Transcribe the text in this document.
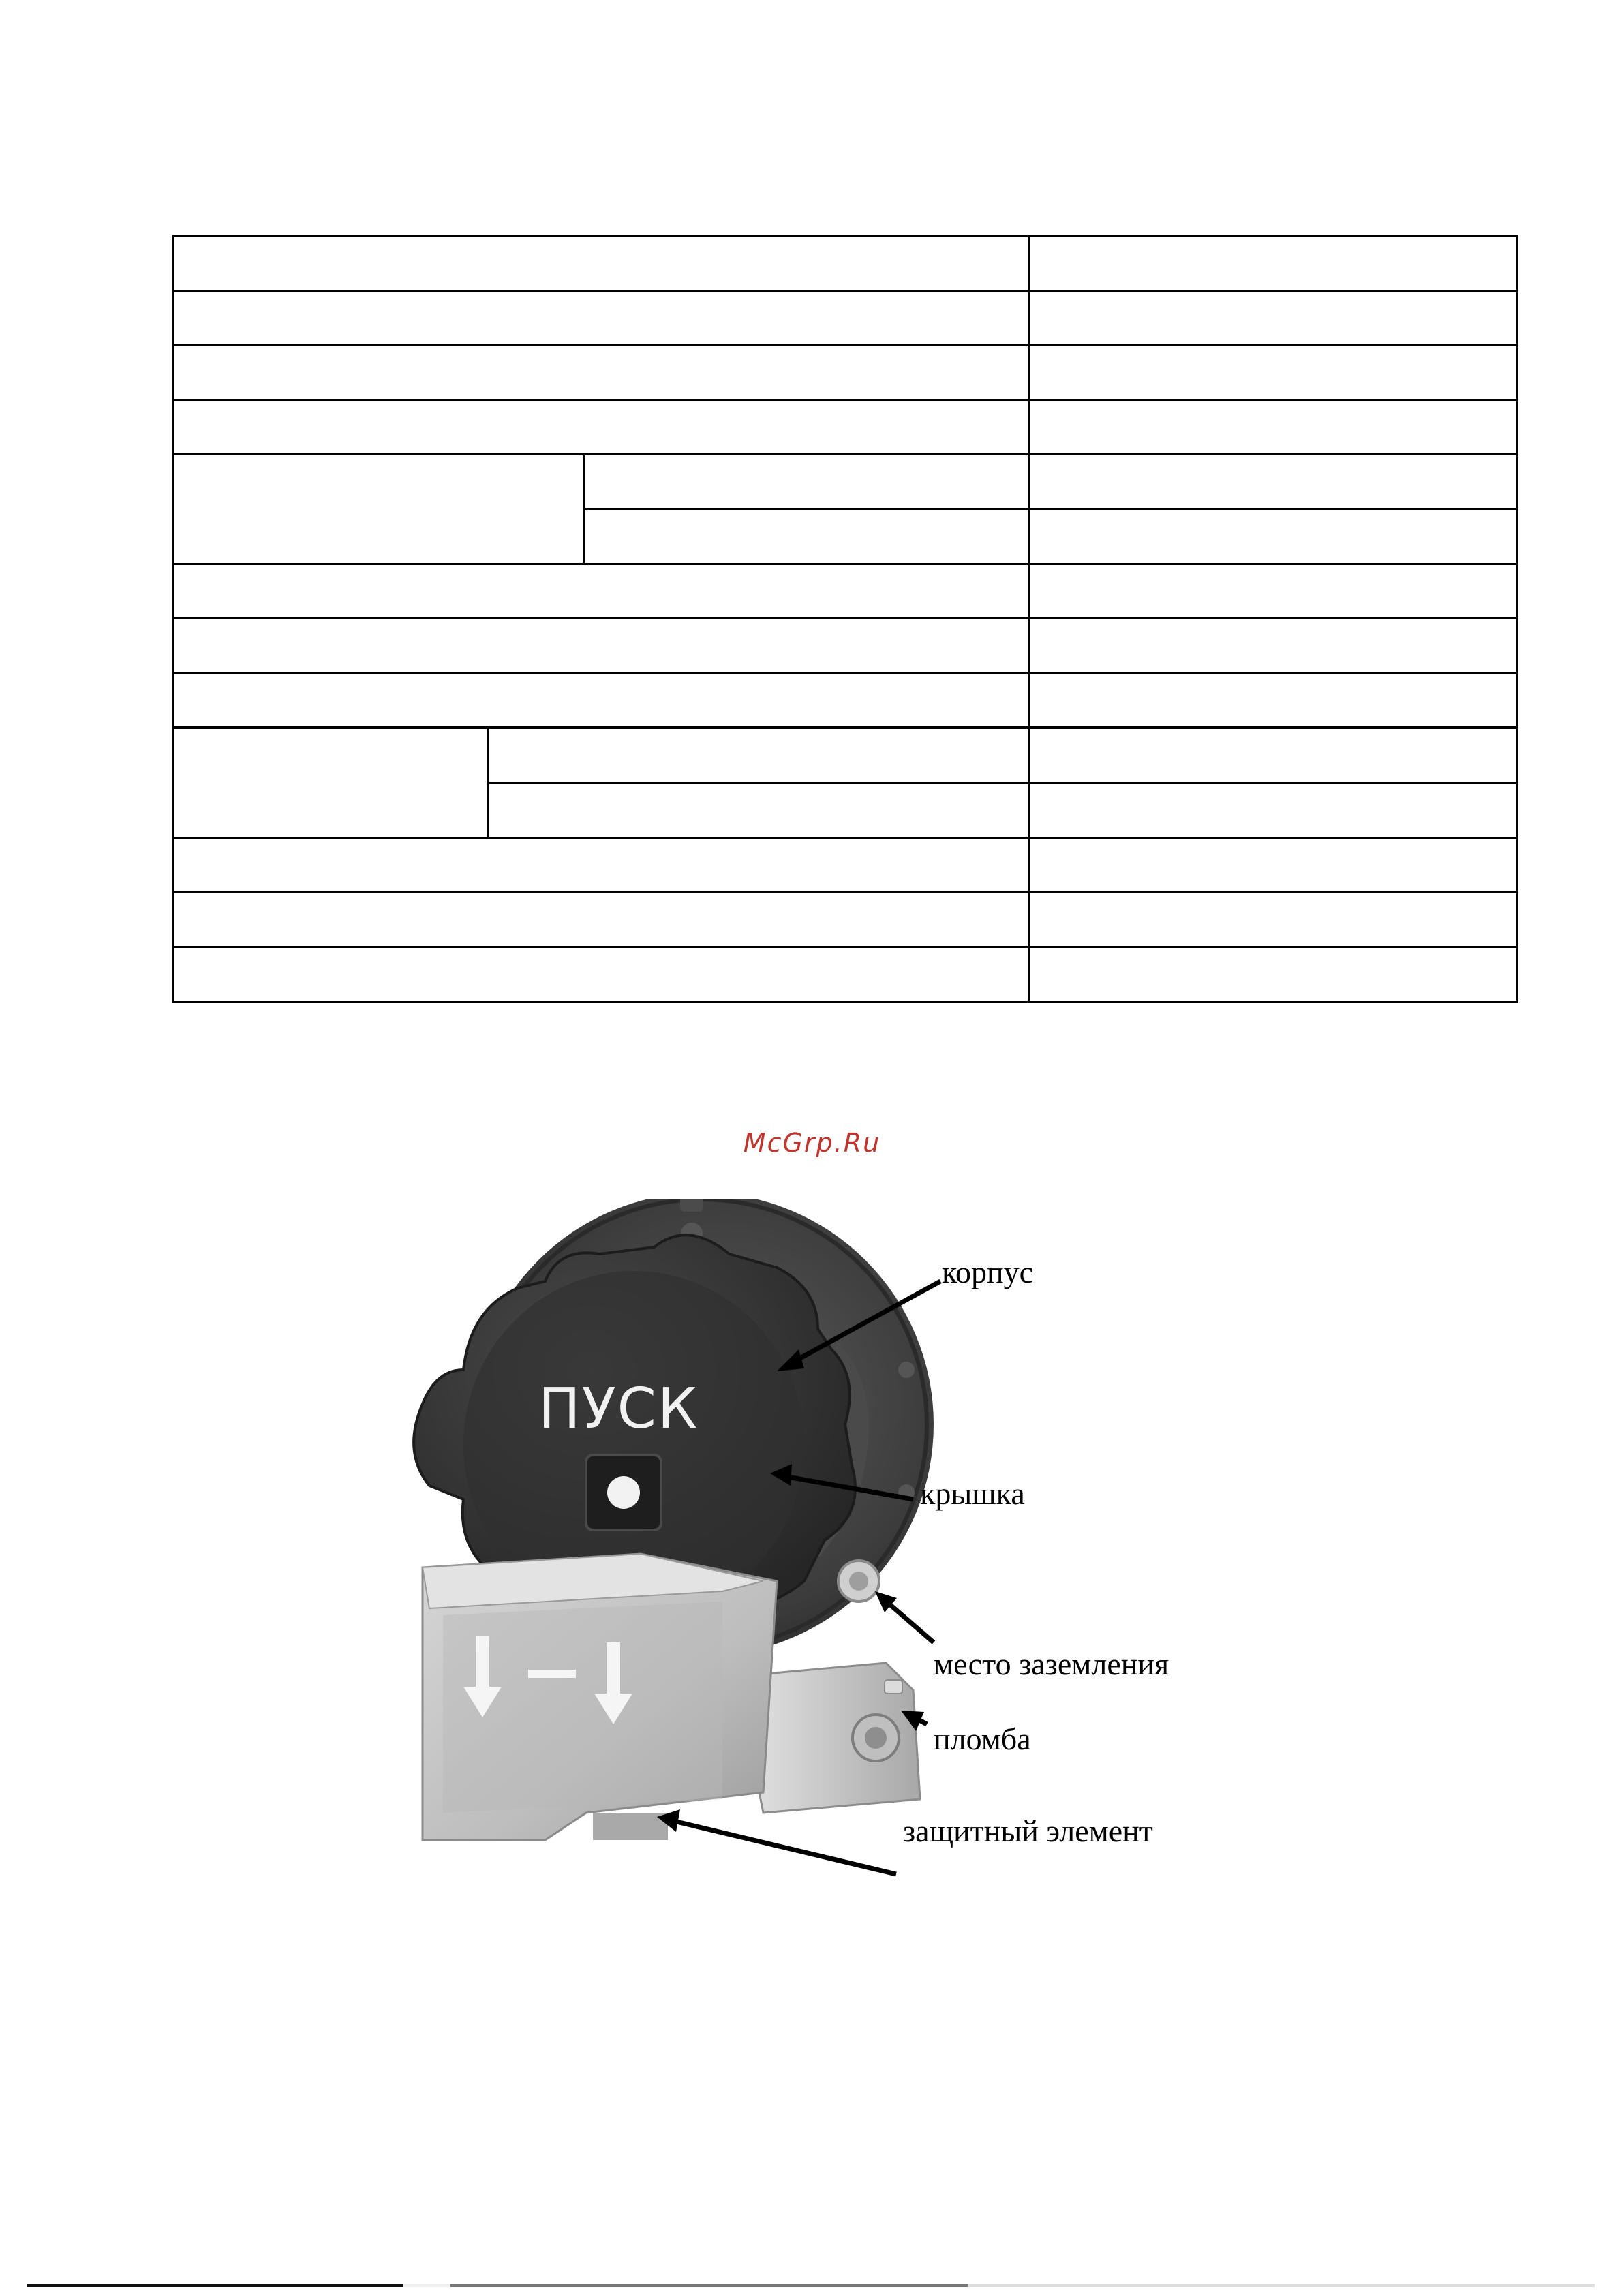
McGrp.Ru
ПУСК
корпус
крышка
место заземления
пломба
защитный элемент
